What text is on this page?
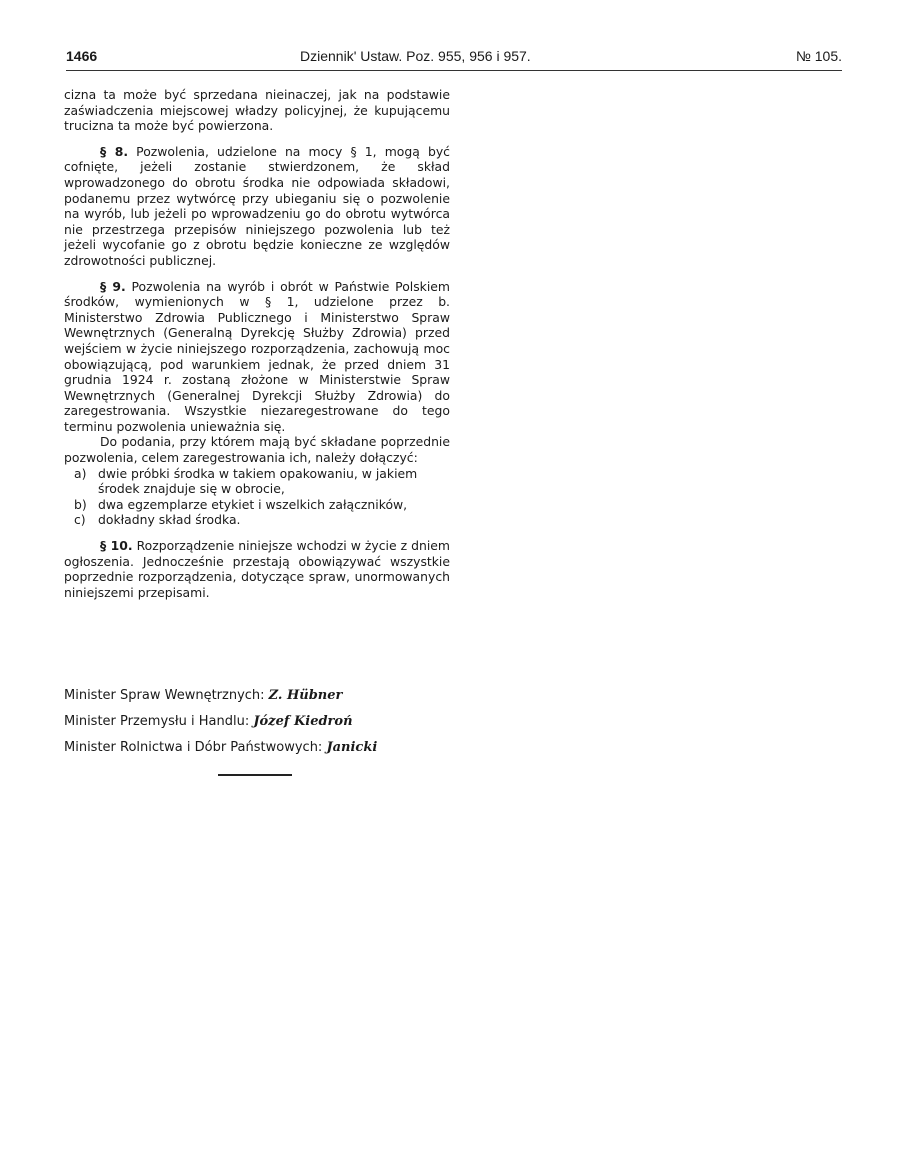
1466	Dziennik' Ustaw. Poz. 955, 956 i 957.	№ 105.

cizna ta może być sprzedana nieinaczej, jak na podstawie zaświadczenia miejscowej władzy policyjnej, że kupującemu trucizna ta może być powierzona.

§ 8. Pozwolenia, udzielone na mocy § 1, mogą być cofnięte, jeżeli zostanie stwierdzonem, że skład wprowadzonego do obrotu środka nie odpowiada składowi, podanemu przez wytwórcę przy ubieganiu się o pozwolenie na wyrób, lub jeżeli po wprowadzeniu go do obrotu wytwórca nie przestrzega przepisów niniejszego pozwolenia lub też jeżeli wycofanie go z obrotu będzie konieczne ze względów zdrowotności publicznej.

§ 9. Pozwolenia na wyrób i obrót w Państwie Polskiem środków, wymienionych w § 1, udzielone przez b. Ministerstwo Zdrowia Publicznego i Ministerstwo Spraw Wewnętrznych (Generalną Dyrekcję Służby Zdrowia) przed wejściem w życie niniejszego rozporządzenia, zachowują moc obowiązującą, pod warunkiem jednak, że przed dniem 31 grudnia 1924 r. zostaną złożone w Ministerstwie Spraw Wewnętrznych (Generalnej Dyrekcji Służby Zdrowia) do zaregestrowania. Wszystkie niezaregestrowane do tego terminu pozwolenia unieważnia się.

Do podania, przy którem mają być składane poprzednie pozwolenia, celem zaregestrowania ich, należy dołączyć:

a) dwie próbki środka w takiem opakowaniu, w jakiem środek znajduje się w obrocie,
b) dwa egzemplarze etykiet i wszelkich załączników,
c) dokładny skład środka.

§ 10. Rozporządzenie niniejsze wchodzi w życie z dniem ogłoszenia. Jednocześnie przestają obowiązywać wszystkie poprzednie rozporządzenia, dotyczące spraw, unormowanych niniejszemi przepisami.

Minister Spraw Wewnętrznych: Z. Hübner
Minister Przemysłu i Handlu: Józef Kiedroń
Minister Rolnictwa i Dóbr Państwowych: Janicki
